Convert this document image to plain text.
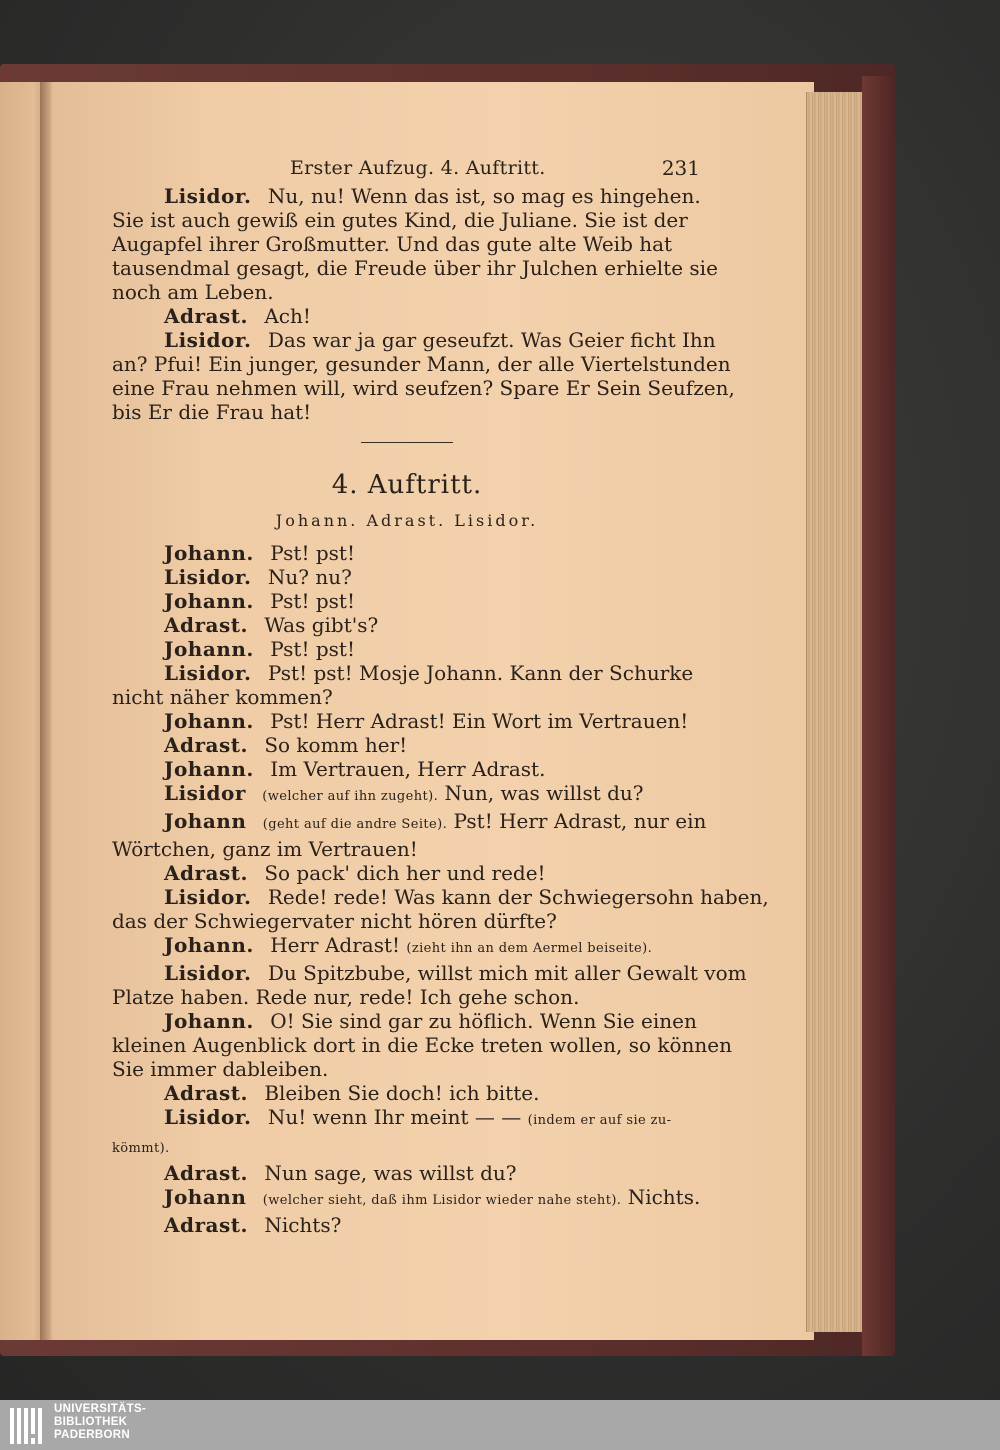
Erster Aufzug. 4. Auftritt.	231
Lisidor. Nu, nu! Wenn das ist, so mag es hingehen.
Sie ist auch gewiß ein gutes Kind, die Juliane. Sie ist der
Augapfel ihrer Großmutter. Und das gute alte Weib hat
tausendmal gesagt, die Freude über ihr Julchen erhielte sie
noch am Leben.
Adrast. Ach!
Lisidor. Das war ja gar geseufzt. Was Geier ficht Ihn
an? Pfui! Ein junger, gesunder Mann, der alle Viertelstunden
eine Frau nehmen will, wird seufzen? Spare Er Sein Seufzen,
bis Er die Frau hat!
4. Auftritt.
Johann. Adrast. Lisidor.
Johann. Pst! pst!
Lisidor. Nu? nu?
Johann. Pst! pst!
Adrast. Was gibt's?
Johann. Pst! pst!
Lisidor. Pst! pst! Mosje Johann. Kann der Schurke
nicht näher kommen?
Johann. Pst! Herr Adrast! Ein Wort im Vertrauen!
Adrast. So komm her!
Johann. Im Vertrauen, Herr Adrast.
Lisidor (welcher auf ihn zugeht). Nun, was willst du?
Johann (geht auf die andre Seite). Pst! Herr Adrast, nur ein
Wörtchen, ganz im Vertrauen!
Adrast. So pack' dich her und rede!
Lisidor. Rede! rede! Was kann der Schwiegersohn haben,
das der Schwiegervater nicht hören dürfte?
Johann. Herr Adrast! (zieht ihn an dem Aermel beiseite).
Lisidor. Du Spitzbube, willst mich mit aller Gewalt vom
Platze haben. Rede nur, rede! Ich gehe schon.
Johann. O! Sie sind gar zu höflich. Wenn Sie einen
kleinen Augenblick dort in die Ecke treten wollen, so können
Sie immer dableiben.
Adrast. Bleiben Sie doch! ich bitte.
Lisidor. Nu! wenn Ihr meint — — (indem er auf sie zu-
kömmt).
Adrast. Nun sage, was willst du?
Johann (welcher sieht, daß ihm Lisidor wieder nahe steht). Nichts.
Adrast. Nichts?
UNIVERSITÄTS-
BIBLIOTHEK
PADERBORN
